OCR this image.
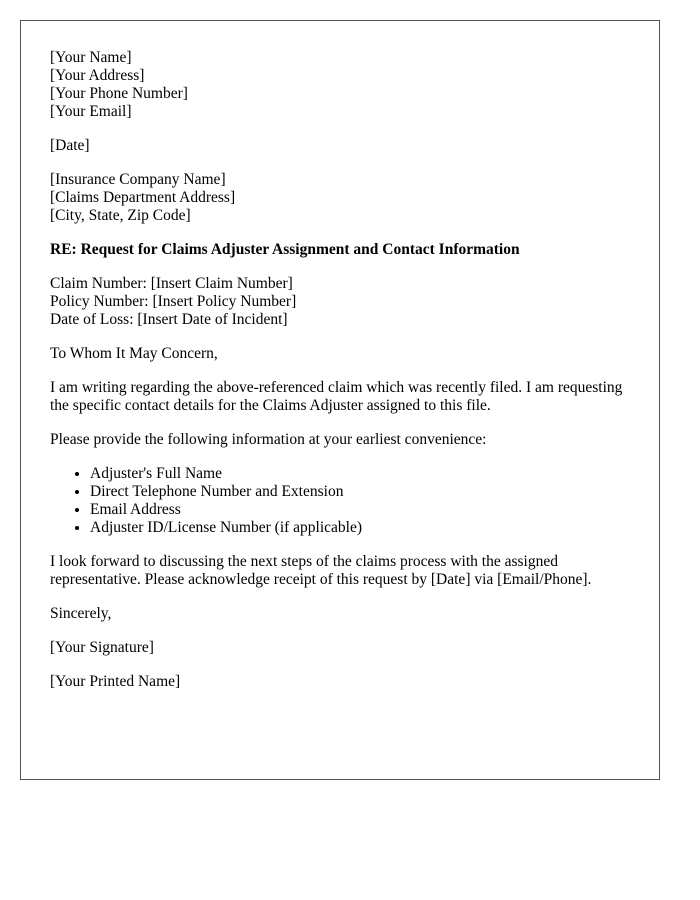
[Your Name]
[Your Address]
[Your Phone Number]
[Your Email]
[Date]
[Insurance Company Name]
[Claims Department Address]
[City, State, Zip Code]
RE: Request for Claims Adjuster Assignment and Contact Information
Claim Number: [Insert Claim Number]
Policy Number: [Insert Policy Number]
Date of Loss: [Insert Date of Incident]

To Whom It May Concern,

I am writing regarding the above-referenced claim which was recently filed. I am requesting the specific contact details for the Claims Adjuster assigned to this file.

Please provide the following information at your earliest convenience:

• Adjuster's Full Name
• Direct Telephone Number and Extension
• Email Address
• Adjuster ID/License Number (if applicable)

I look forward to discussing the next steps of the claims process with the assigned representative. Please acknowledge receipt of this request by [Date] via [Email/Phone].

Sincerely,

[Your Signature]

[Your Printed Name]
